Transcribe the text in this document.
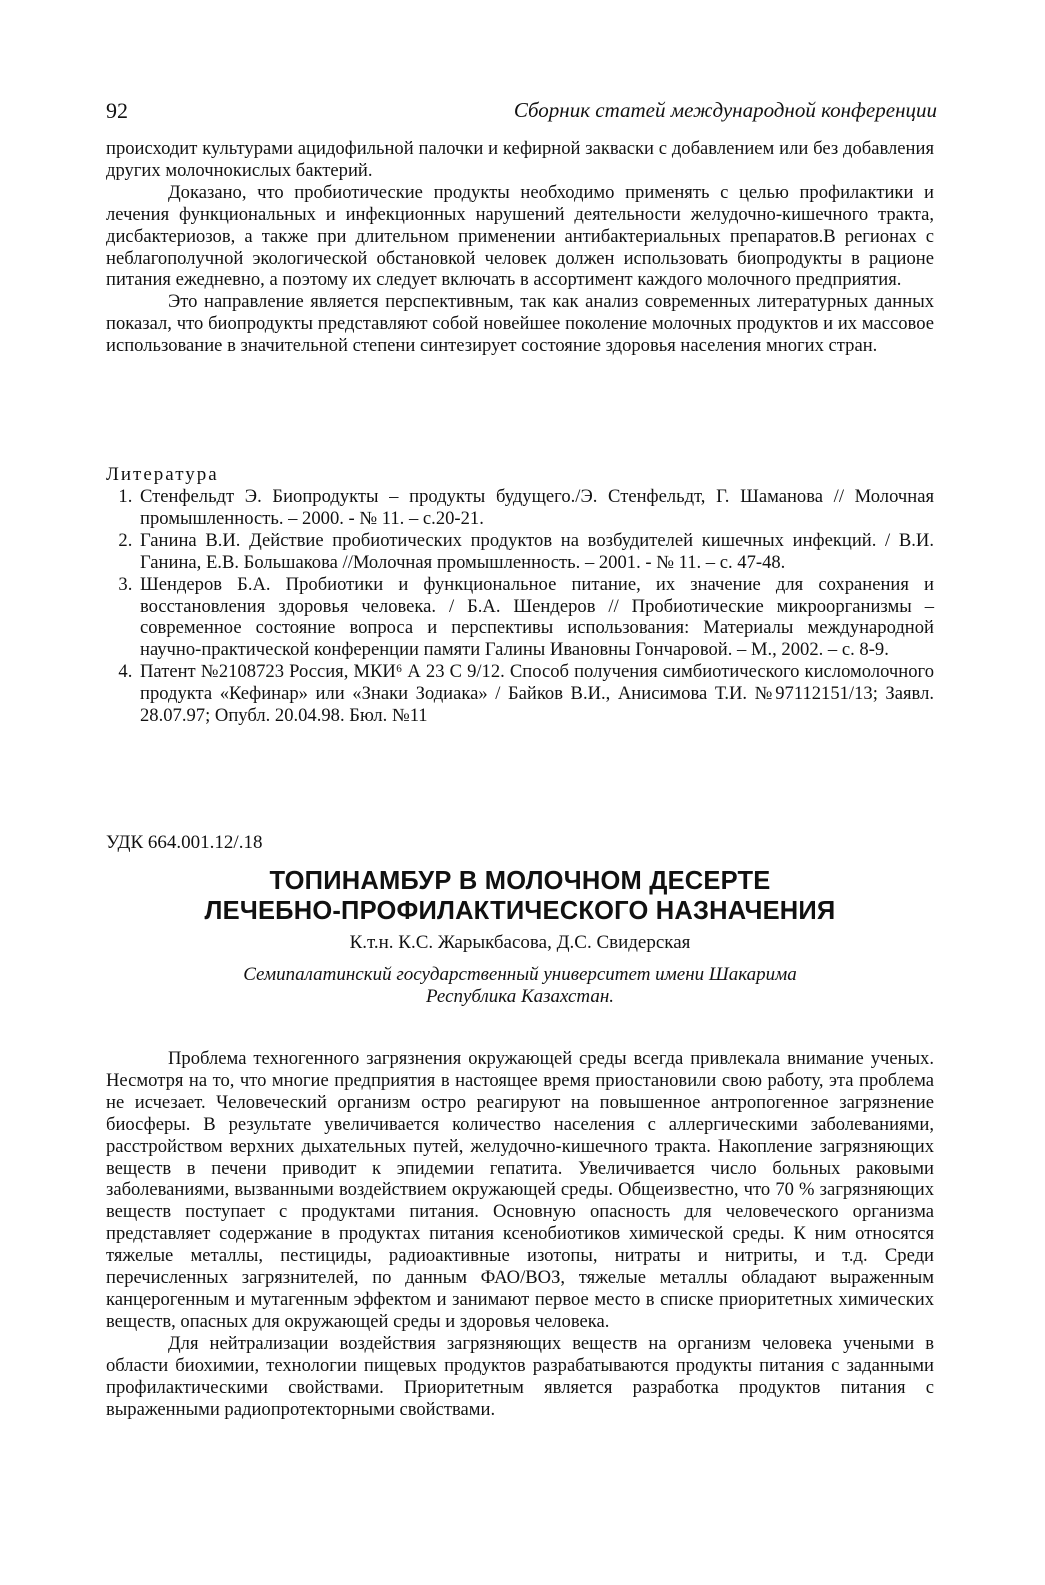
92	Сборник статей международной конференции

происходит культурами ацидофильной палочки и кефирной закваски с добавлением или без добавления других молочнокислых бактерий.

Доказано, что пробиотические продукты необходимо применять с целью профилактики и лечения функциональных и инфекционных нарушений деятельности желудочно-кишечного тракта, дисбактериозов, а также при длительном применении антибактериальных препаратов.В регионах с неблагополучной экологической обстановкой человек должен использовать биопродукты в рационе питания ежедневно, а поэтому их следует включать в ассортимент каждого молочного предприятия.

Это направление является перспективным, так как анализ современных литературных данных показал, что биопродукты представляют собой новейшее поколение молочных продуктов и их массовое использование в значительной степени синтезирует состояние здоровья населения многих стран.

Литература
1. Стенфельдт Э. Биопродукты – продукты будущего./Э. Стенфельдт, Г. Шаманова // Молочная промышленность. – 2000. - № 11. – с.20-21.
2. Ганина В.И. Действие пробиотических продуктов на возбудителей кишечных инфекций. / В.И. Ганина, Е.В. Большакова //Молочная промышленность. – 2001. - № 11. – с. 47-48.
3. Шендеров Б.А. Пробиотики и функциональное питание, их значение для сохранения и восстановления здоровья человека. / Б.А. Шендеров // Пробиотические микроорганизмы – современное состояние вопроса и перспективы использования: Материалы международной научно-практической конференции памяти Галины Ивановны Гончаровой. – М., 2002. – с. 8-9.
4. Патент №2108723 Россия, МКИ⁶ А 23 С 9/12. Способ получения симбиотического кисломолочного продукта «Кефинар» или «Знаки Зодиака» / Байков В.И., Анисимова Т.И. №97112151/13; Заявл. 28.07.97; Опубл. 20.04.98. Бюл. №11
УДК 664.001.12/.18
ТОПИНАМБУР В МОЛОЧНОМ ДЕСЕРТЕ
ЛЕЧЕБНО-ПРОФИЛАКТИЧЕСКОГО НАЗНАЧЕНИЯ
К.т.н. К.С. Жарыкбасова, Д.С. Свидерская
Семипалатинский государственный университет имени Шакарима
Республика Казахстан.

Проблема техногенного загрязнения окружающей среды всегда привлекала внимание ученых. Несмотря на то, что многие предприятия в настоящее время приостановили свою работу, эта проблема не исчезает. Человеческий организм остро реагируют на повышенное антропогенное загрязнение биосферы. В результате увеличивается количество населения с аллергическими заболеваниями, расстройством верхних дыхательных путей, желудочно-кишечного тракта. Накопление загрязняющих веществ в печени приводит к эпидемии гепатита. Увеличивается число больных раковыми заболеваниями, вызванными воздействием окружающей среды. Общеизвестно, что 70 % загрязняющих веществ поступает с продуктами питания. Основную опасность для человеческого организма представляет содержание в продуктах питания ксенобиотиков химической среды. К ним относятся тяжелые металлы, пестициды, радиоактивные изотопы, нитраты и нитриты, и т.д. Среди перечисленных загрязнителей, по данным ФАО/ВОЗ, тяжелые металлы обладают выраженным канцерогенным и мутагенным эффектом и занимают первое место в списке приоритетных химических веществ, опасных для окружающей среды и здоровья человека.

Для нейтрализации воздействия загрязняющих веществ на организм человека учеными в области биохимии, технологии пищевых продуктов разрабатываются продукты питания с заданными профилактическими свойствами. Приоритетным является разработка продуктов питания с выраженными радиопротекторными свойствами.
